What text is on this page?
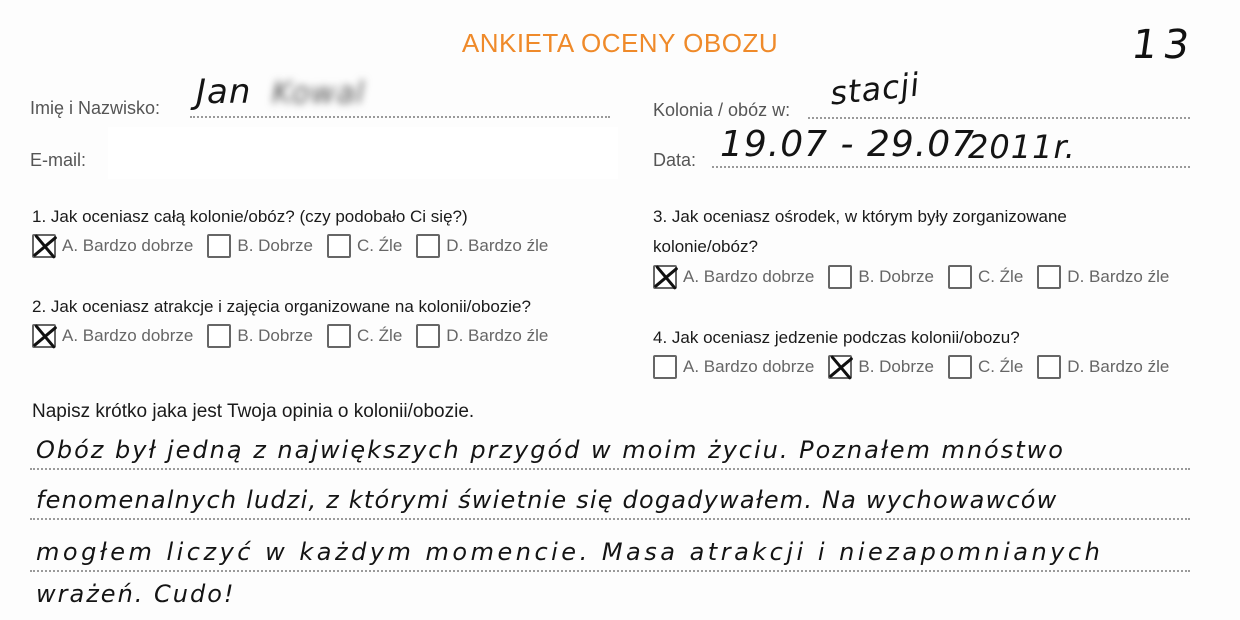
ANKIETA OCENY OBOZU	13
Imię i Nazwisko: Jan Kowal
E-mail:
Kolonia / obóz w: stacji
Data: 19.07 - 29.07
2011r.
1. Jak oceniasz całą kolonie/obóz? (czy podobało Ci się?)
A. Bardzo dobrze	B. Dobrze	C. Źle	D. Bardzo źle
2. Jak oceniasz atrakcje i zajęcia organizowane na kolonii/obozie?
A. Bardzo dobrze	B. Dobrze	C. Źle	D. Bardzo źle
3. Jak oceniasz ośrodek, w którym były zorganizowane
kolonie/obóz?
A. Bardzo dobrze	B. Dobrze	C. Źle	D. Bardzo źle
4. Jak oceniasz jedzenie podczas kolonii/obozu?
A. Bardzo dobrze	B. Dobrze	C. Źle	D. Bardzo źle
Napisz krótko jaka jest Twoja opinia o kolonii/obozie.
Obóz był jedną z największych przygód w moim życiu. Poznałem mnóstwo
fenomenalnych ludzi, z którymi świetnie się dogadywałem. Na wychowawców
mogłem liczyć w każdym momencie. Masa atrakcji i niezapomnianych
wrażeń. Cudo!
